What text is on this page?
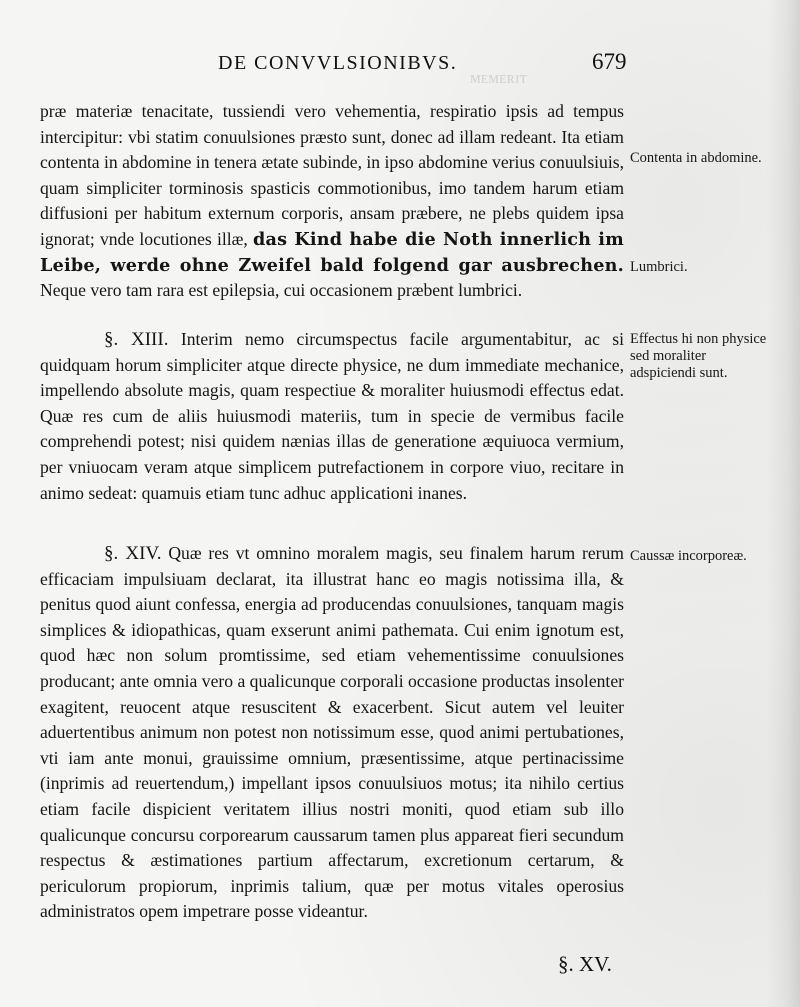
ᴍᴇᴍᴇʀɪᴛ
DE CONVVLSIONIBVS.	679

præ materiæ tenacitate, tussiendi vero vehementia, respiratio ipsis ad tempus intercipitur: vbi statim conuulsiones præsto sunt, donec ad illam redeant. Ita etiam contenta in abdomine in tenera ætate subinde, in ipso abdomine verius conuulsiuis, quam simpliciter torminosis spasticis commotionibus, imo tandem harum etiam diffusioni per habitum externum corporis, ansam præbere, ne plebs quidem ipsa ignorat; vnde locutiones illæ, das Kind habe die Noth innerlich im Leibe, werde ohne Zweifel bald folgend gar ausbrechen. Neque vero tam rara est epilepsia, cui occasionem præbent lumbrici.

§. XIII. Interim nemo circumspectus facile argumentabitur, ac si quidquam horum simpliciter atque directe physice, ne dum immediate mechanice, impellendo absolute magis, quam respectiue & moraliter huiusmodi effectus edat. Quæ res cum de aliis huiusmodi materiis, tum in specie de vermibus facile comprehendi potest; nisi quidem nænias illas de generatione æquiuoca vermium, per vniuocam veram atque simplicem putrefactionem in corpore viuo, recitare in animo sedeat: quamuis etiam tunc adhuc applicationi inanes.

§. XIV. Quæ res vt omnino moralem magis, seu finalem harum rerum efficaciam impulsiuam declarat, ita illustrat hanc eo magis notissima illa, & penitus quod aiunt confessa, energia ad producendas conuulsiones, tanquam magis simplices & idiopathicas, quam exserunt animi pathemata. Cui enim ignotum est, quod hæc non solum promtissime, sed etiam vehementissime conuulsiones producant; ante omnia vero a qualicunque corporali occasione productas insolenter exagitent, reuocent atque resuscitent & exacerbent. Sicut autem vel leuiter aduertentibus animum non potest non notissimum esse, quod animi pertubationes, vti iam ante monui, grauissime omnium, præsentissime, atque pertinacissime (inprimis ad reuertendum,) impellant ipsos conuulsiuos motus; ita nihilo certius etiam facile dispicient veritatem illius nostri moniti, quod etiam sub illo qualicunque concursu corporearum caussarum tamen plus appareat fieri secundum respectus & æstimationes partium affectarum, excretionum certarum, & periculorum propiorum, inprimis talium, quæ per motus vitales operosius administratos opem impetrare posse videantur.

Contenta in abdomine.

Lumbrici.

Effectus hi non physice sed moraliter adspiciendi sunt.

Caussæ incorporeæ.

§. XV.
